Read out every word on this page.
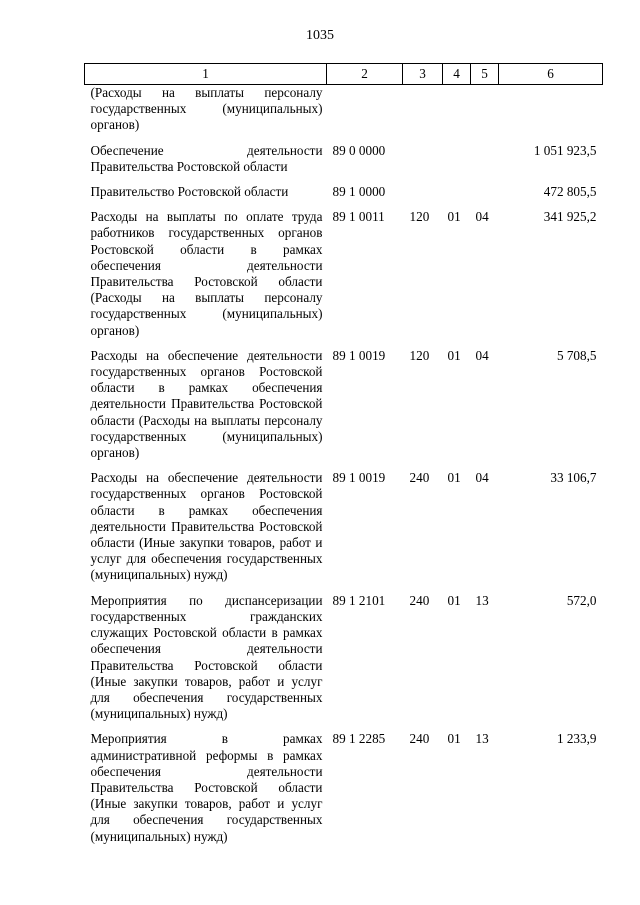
1035
1	2	3	4	5	6
(Расходы на выплаты персоналу государственных (муниципальных) органов)					

Обеспечение деятельности Правительства Ростовской области	89 0 0000				1 051 923,5

Правительство Ростовской области	89 1 0000				472 805,5

Расходы на выплаты по оплате труда работников государственных органов Ростовской области в рамках обеспечения деятельности Правительства Ростовской области (Расходы на выплаты персоналу государственных (муниципальных) органов)	89 1 0011	120	01	04	341 925,2

Расходы на обеспечение деятельности государственных органов Ростовской области в рамках обеспечения деятельности Правительства Ростовской области (Расходы на выплаты персоналу государственных (муниципальных) органов)	89 1 0019	120	01	04	5 708,5

Расходы на обеспечение деятельности государственных органов Ростовской области в рамках обеспечения деятельности Правительства Ростовской области (Иные закупки товаров, работ и услуг для обеспечения государственных (муниципальных) нужд)	89 1 0019	240	01	04	33 106,7

Мероприятия по диспансеризации государственных гражданских служащих Ростовской области в рамках обеспечения деятельности Правительства Ростовской области (Иные закупки товаров, работ и услуг для обеспечения государственных (муниципальных) нужд)	89 1 2101	240	01	13	572,0

Мероприятия в рамках административной реформы в рамках обеспечения деятельности Правительства Ростовской области (Иные закупки товаров, работ и услуг для обеспечения государственных (муниципальных) нужд)	89 1 2285	240	01	13	1 233,9
